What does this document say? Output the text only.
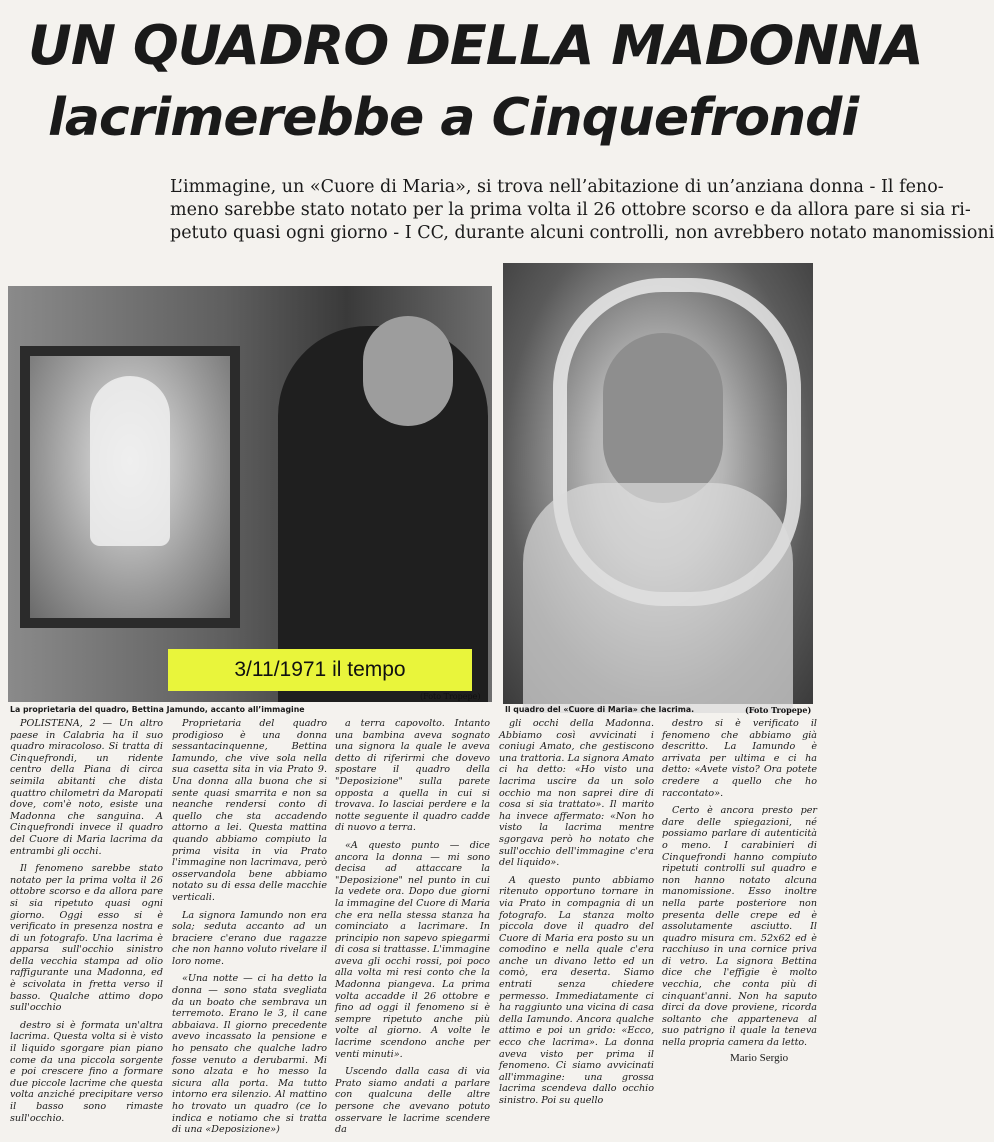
UN QUADRO DELLA MADONNA
lacrimerebbe a Cinquefrondi
L’immagine, un «Cuore di Maria», si trova nell’abitazione di un’anziana donna - Il feno-
meno sarebbe stato notato per la prima volta il 26 ottobre scorso e da allora pare si sia ri-
petuto quasi ogni giorno - I CC, durante alcuni controlli, non avrebbero notato manomissioni
(Foto Tropepe)
La proprietaria del quadro, Bettina Jamundo, accanto all’immagine	Il quadro del «Cuore di Maria» che lacrima.	(Foto Tropepe)
3/11/1971 il tempo

POLISTENA, 2 — Un altro paese in Calabria ha il suo quadro miracoloso. Si tratta di Cinquefrondi, un ridente centro della Piana di circa seimila abitanti che dista quattro chilometri da Maropati dove, com'è noto, esiste una Madonna che sanguina. A Cinquefrondi invece il quadro del Cuore di Maria lacrima da entrambi gli occhi.

Il fenomeno sarebbe stato notato per la prima volta il 26 ottobre scorso e da allora pare si sia ripetuto quasi ogni giorno. Oggi esso si è verificato in presenza nostra e di un fotografo. Una lacrima è apparsa sull'occhio sinistro della vecchia stampa ad olio raffigurante una Madonna, ed è scivolata in fretta verso il basso. Qualche attimo dopo sull'occhio

destro si è formata un'altra lacrima. Questa volta si è visto il liquido sgorgare pian piano come da una piccola sorgente e poi crescere fino a formare due piccole lacrime che questa volta anziché precipitare verso il basso sono rimaste sull'occhio.

Proprietaria del quadro prodigioso è una donna sessantacinquenne, Bettina Iamundo, che vive sola nella sua casetta sita in via Prato 9. Una donna alla buona che si sente quasi smarrita e non sa neanche rendersi conto di quello che sta accadendo attorno a lei. Questa mattina quando abbiamo compiuto la prima visita in via Prato l'immagine non lacrimava, però osservandola bene abbiamo notato su di essa delle macchie verticali.

La signora Iamundo non era sola; seduta accanto ad un braciere c'erano due ragazze che non hanno voluto rivelare il loro nome.

«Una notte — ci ha detto la donna — sono stata svegliata da un boato che sembrava un terremoto. Erano le 3, il cane abbaiava. Il giorno precedente avevo incassato la pensione e ho pensato che qualche ladro fosse venuto a derubarmi. Mi sono alzata e ho messo la sicura alla porta. Ma tutto intorno era silenzio. Al mattino ho trovato un quadro (ce lo indica e notiamo che si tratta di una «Deposizione»)

a terra capovolto. Intanto una bambina aveva sognato una signora la quale le aveva detto di riferirmi che dovevo spostare il quadro della "Deposizione" sulla parete opposta a quella in cui si trovava. Io lasciai perdere e la notte seguente il quadro cadde di nuovo a terra.

«A questo punto — dice ancora la donna — mi sono decisa ad attaccare la "Deposizione" nel punto in cui la vedete ora. Dopo due giorni la immagine del Cuore di Maria che era nella stessa stanza ha cominciato a lacrimare. In principio non sapevo spiegarmi di cosa si trattasse. L'immagine aveva gli occhi rossi, poi poco alla volta mi resi conto che la Madonna piangeva. La prima volta accadde il 26 ottobre e fino ad oggi il fenomeno si è sempre ripetuto anche più volte al giorno. A volte le lacrime scendono anche per venti minuti».

Uscendo dalla casa di via Prato siamo andati a parlare con qualcuna delle altre persone che avevano potuto osservare le lacrime scendere da

gli occhi della Madonna. Abbiamo così avvicinati i coniugi Amato, che gestiscono una trattoria. La signora Amato ci ha detto: «Ho visto una lacrima uscire da un solo occhio ma non saprei dire di cosa si sia trattato». Il marito ha invece affermato: «Non ho visto la lacrima mentre sgorgava però ho notato che sull'occhio dell'immagine c'era del liquido».

A questo punto abbiamo ritenuto opportuno tornare in via Prato in compagnia di un fotografo. La stanza molto piccola dove il quadro del Cuore di Maria era posto su un comodino e nella quale c'era anche un divano letto ed un comò, era deserta. Siamo entrati senza chiedere permesso. Immediatamente ci ha raggiunto una vicina di casa della Iamundo. Ancora qualche attimo e poi un grido: «Ecco, ecco che lacrima». La donna aveva visto per prima il fenomeno. Ci siamo avvicinati all'immagine: una grossa lacrima scendeva dallo occhio sinistro. Poi su quello

destro si è verificato il fenomeno che abbiamo già descritto. La Iamundo è arrivata per ultima e ci ha detto: «Avete visto? Ora potete credere a quello che ho raccontato».

Certo è ancora presto per dare delle spiegazioni, né possiamo parlare di autenticità o meno. I carabinieri di Cinquefrondi hanno compiuto ripetuti controlli sul quadro e non hanno notato alcuna manomissione. Esso inoltre nella parte posteriore non presenta delle crepe ed è assolutamente asciutto. Il quadro misura cm. 52x62 ed è racchiuso in una cornice priva di vetro. La signora Bettina dice che l'effigie è molto vecchia, che conta più di cinquant'anni. Non ha saputo dirci da dove proviene, ricorda soltanto che apparteneva al suo patrigno il quale la teneva nella propria camera da letto.

Mario Sergio
